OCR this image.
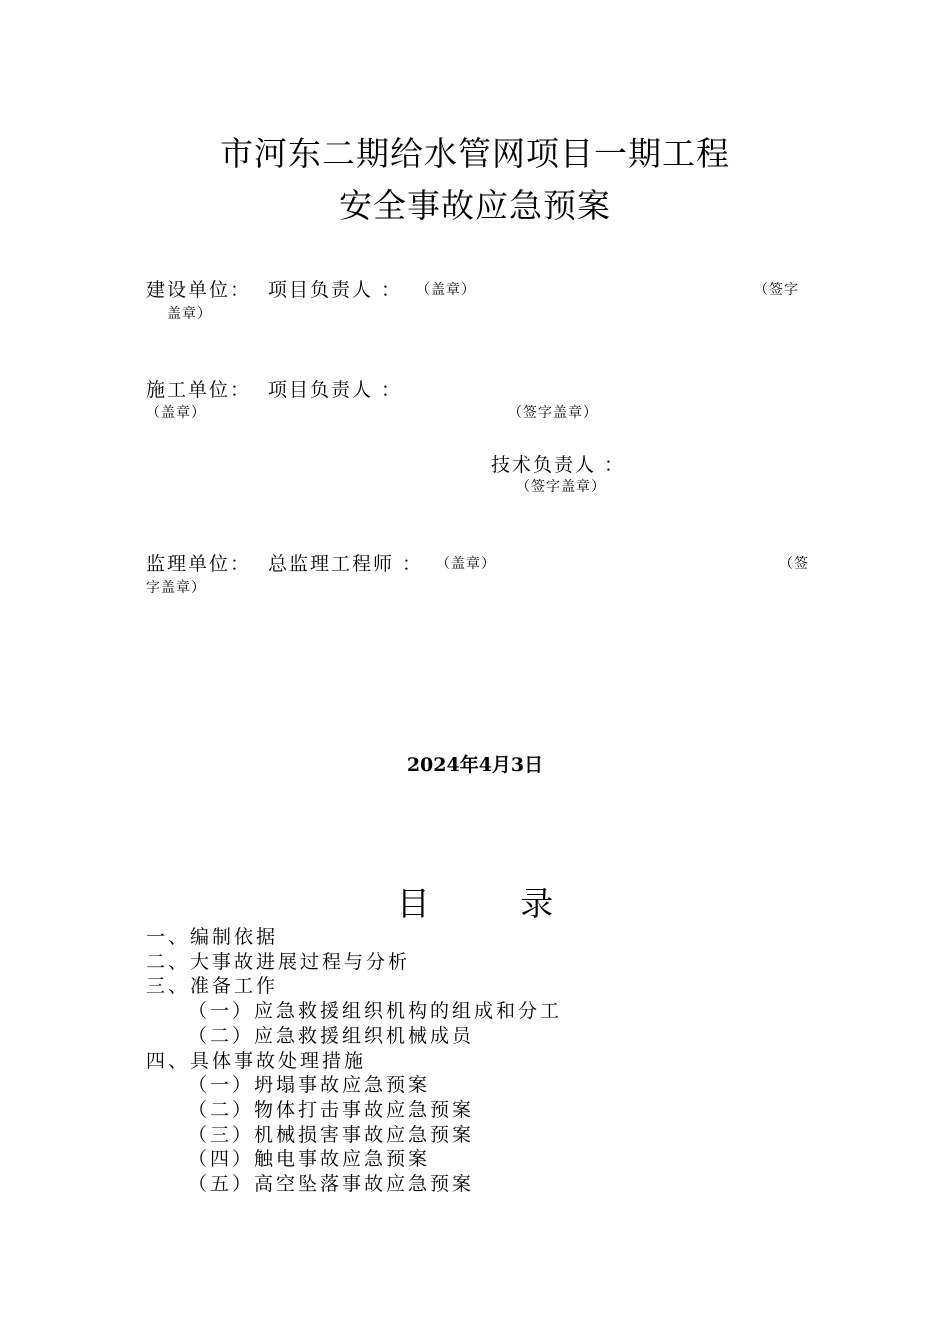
市河东二期给水管网项目一期工程
安全事故应急预案
建设单位： 项目负责人 ： （盖章）	（签字
盖章）
施工单位： 项目负责人 ：
（盖章）	（签字盖章）
技术负责人 ：
（签字盖章）
监理单位： 总监理工程师 ： （盖章）	（签
字盖章）
2024年4月3日
目 录
一、编制依据
二、大事故进展过程与分析
三、准备工作
（一）应急救援组织机构的组成和分工
（二）应急救援组织机械成员
四、具体事故处理措施
（一）坍塌事故应急预案
（二）物体打击事故应急预案
（三）机械损害事故应急预案
（四）触电事故应急预案
（五）高空坠落事故应急预案
